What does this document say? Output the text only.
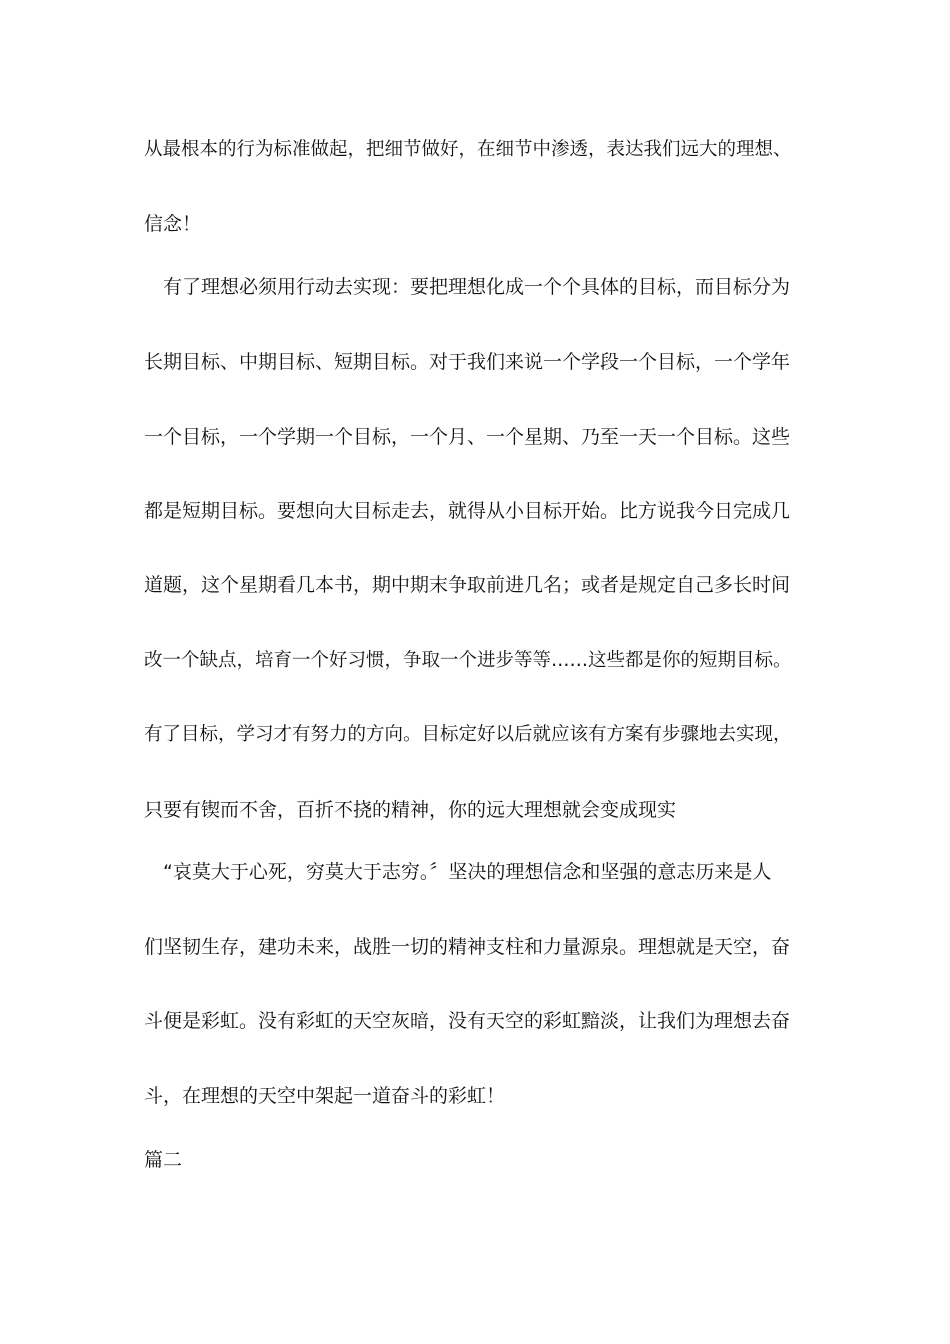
从最根本的行为标准做起，把细节做好，在细节中渗透，表达我们远大的理想、
信念！
　有了理想必须用行动去实现：要把理想化成一个个具体的目标，而目标分为
长期目标、中期目标、短期目标。对于我们来说一个学段一个目标，一个学年
一个目标，一个学期一个目标，一个月、一个星期、乃至一天一个目标。这些
都是短期目标。要想向大目标走去，就得从小目标开始。比方说我今日完成几
道题，这个星期看几本书，期中期末争取前进几名；或者是规定自己多长时间
改一个缺点，培育一个好习惯，争取一个进步等等……这些都是你的短期目标。
有了目标，学习才有努力的方向。目标定好以后就应该有方案有步骤地去实现，
只要有锲而不舍，百折不挠的精神，你的远大理想就会变成现实
　“哀莫大于心死，穷莫大于志穷。〞坚决的理想信念和坚强的意志历来是人
们坚韧生存，建功未来，战胜一切的精神支柱和力量源泉。理想就是天空，奋
斗便是彩虹。没有彩虹的天空灰暗，没有天空的彩虹黯淡，让我们为理想去奋
斗，在理想的天空中架起一道奋斗的彩虹！
篇二
